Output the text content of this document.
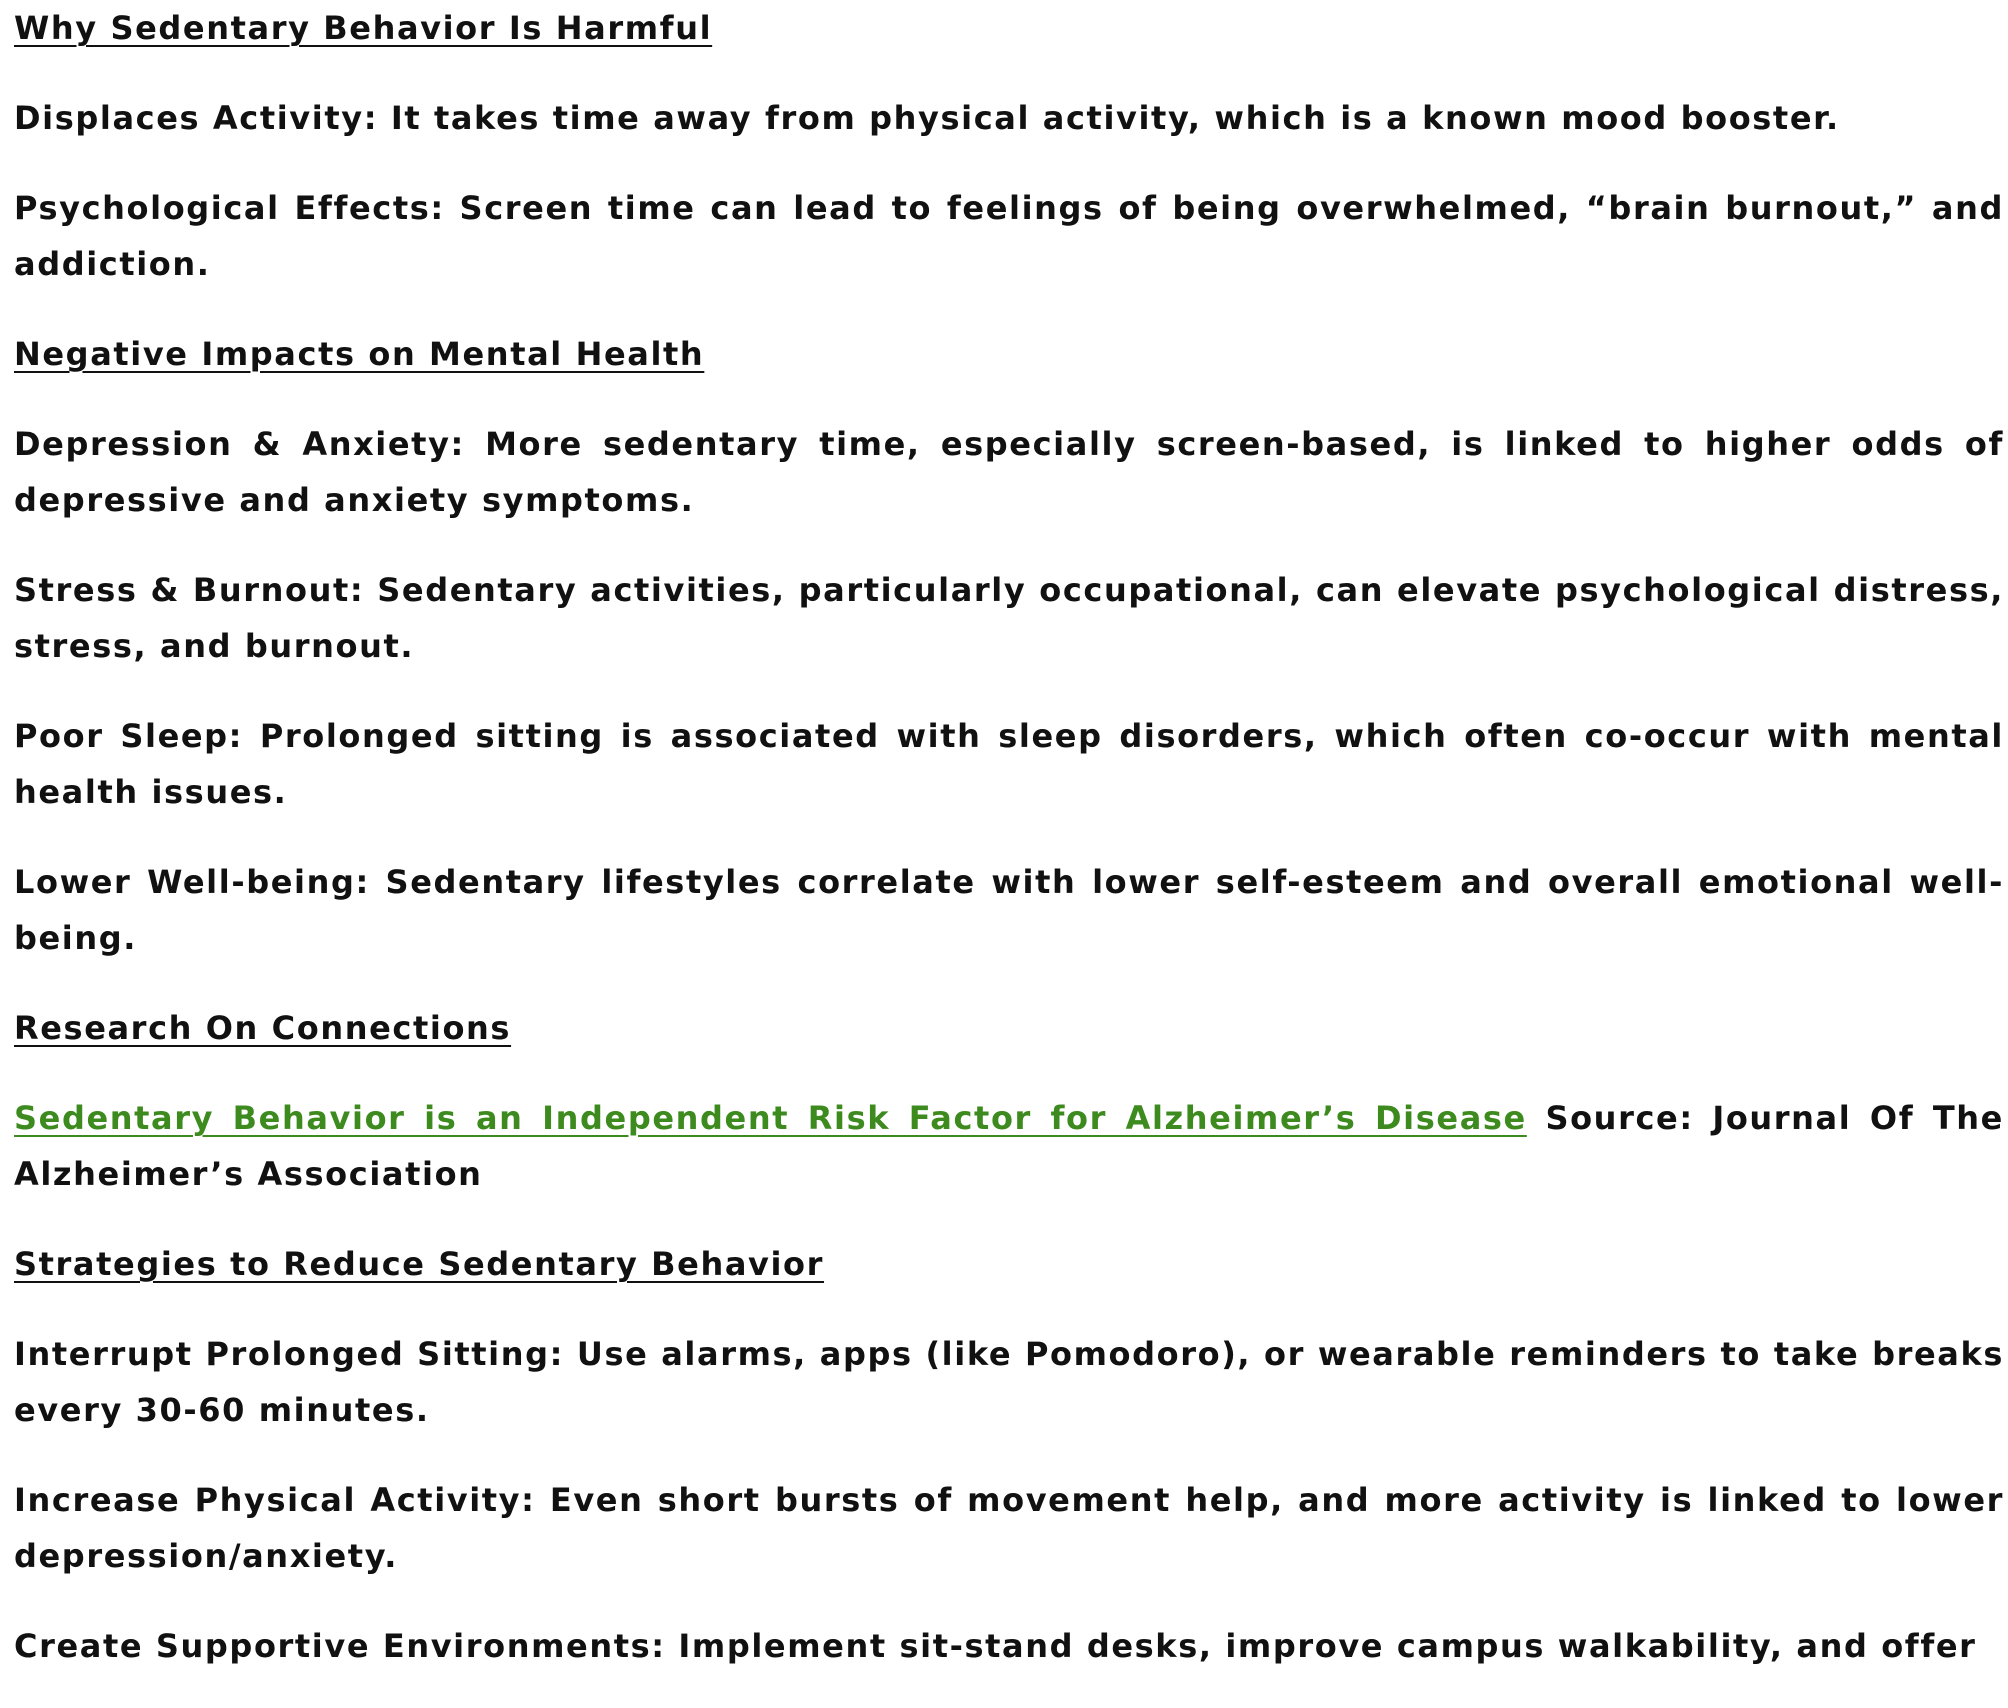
Why Sedentary Behavior Is Harmful

Displaces Activity: It takes time away from physical activity, which is a known mood booster.

Psychological Effects: Screen time can lead to feelings of being overwhelmed, “brain burnout,” and addiction.

Negative Impacts on Mental Health

Depression & Anxiety: More sedentary time, especially screen-based, is linked to higher odds of depressive and anxiety symptoms.

Stress & Burnout: Sedentary activities, particularly occupational, can elevate psychological distress, stress, and burnout.

Poor Sleep: Prolonged sitting is associated with sleep disorders, which often co-occur with mental health issues.

Lower Well-being: Sedentary lifestyles correlate with lower self-esteem and overall emotional well-being.

Research On Connections

Sedentary Behavior is an Independent Risk Factor for Alzheimer’s Disease Source: Journal Of The Alzheimer’s Association

Strategies to Reduce Sedentary Behavior

Interrupt Prolonged Sitting: Use alarms, apps (like Pomodoro), or wearable reminders to take breaks every 30-60 minutes.

Increase Physical Activity: Even short bursts of movement help, and more activity is linked to lower depression/anxiety.

Create Supportive Environments: Implement sit-stand desks, improve campus walkability, and offer
